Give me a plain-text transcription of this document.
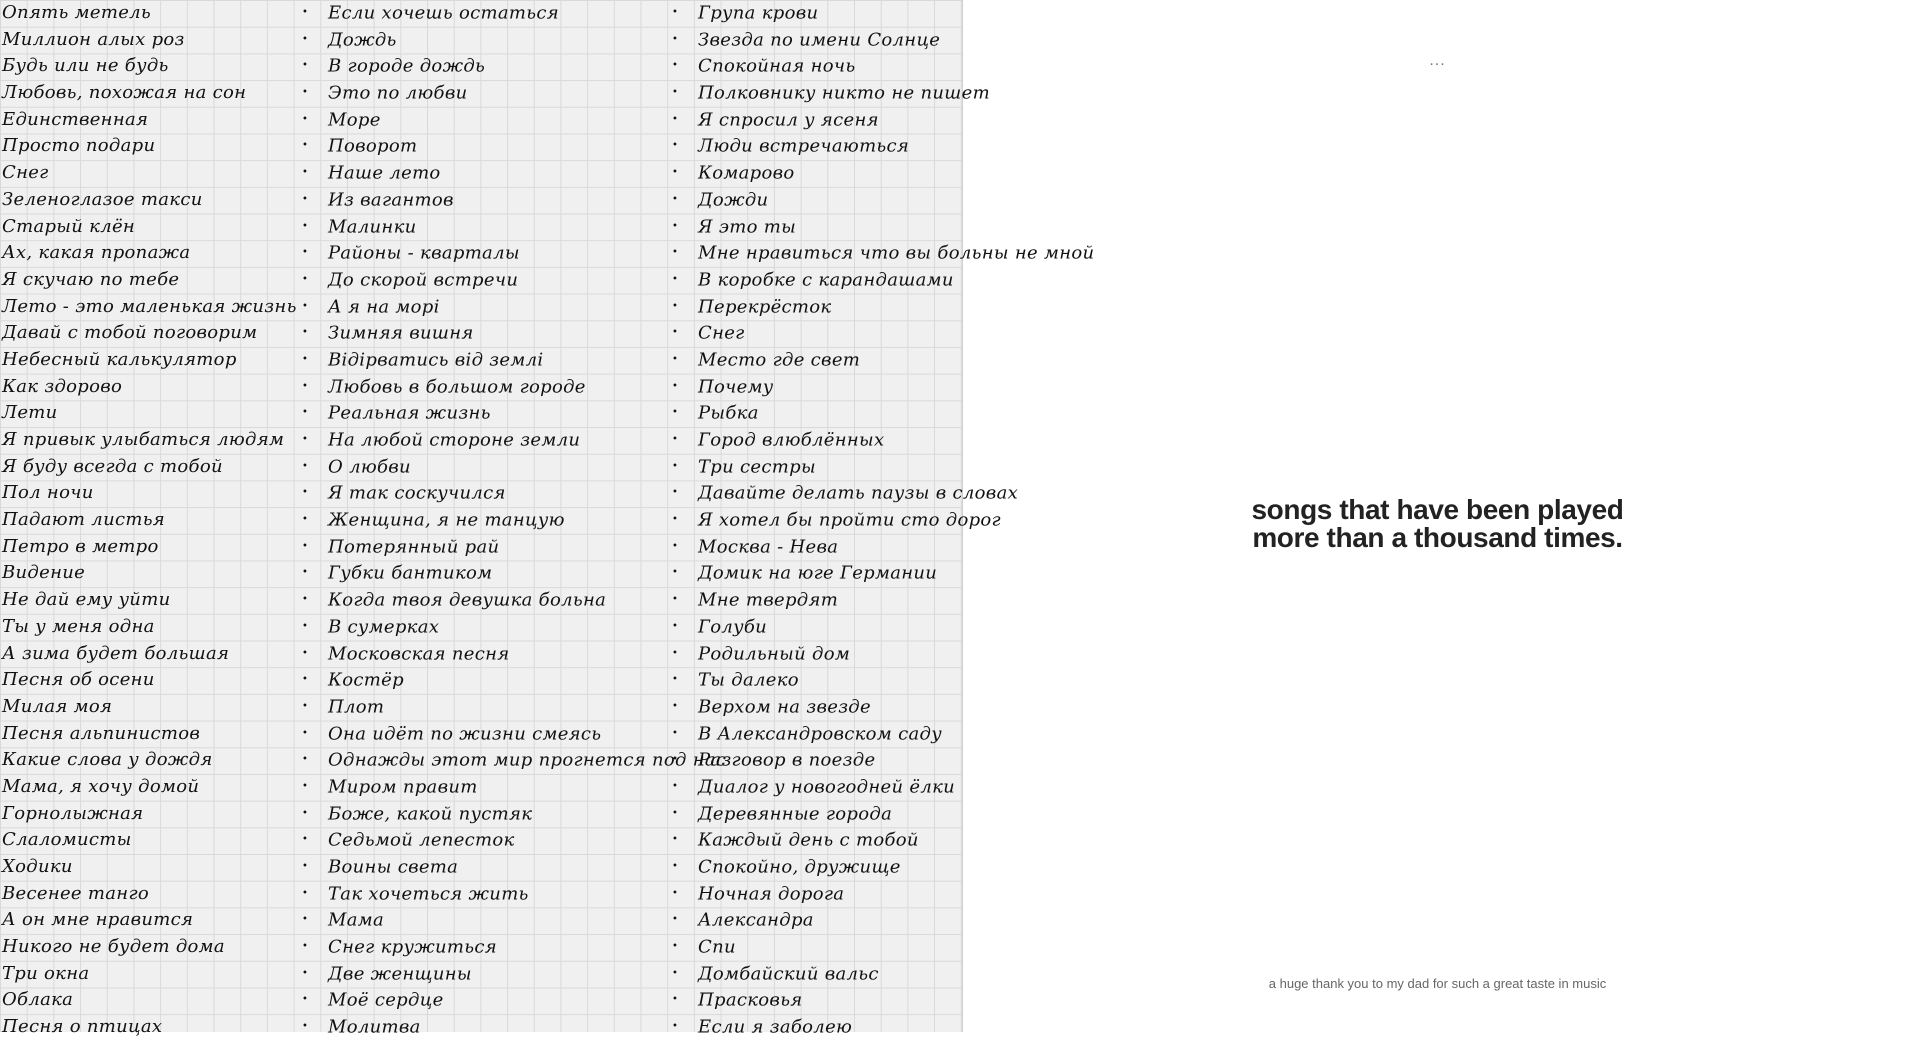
Опять метель
Миллион алых роз
Будь или не будь
Любовь, похожая на сон
Единственная
Просто подари
Снег
Зеленоглазое такси
Старый клён
Ах, какая пропажа
Я скучаю по тебе
Лето - это маленькая жизнь
Давай с тобой поговорим
Небесный калькулятор
Как здорово
Лети
Я привык улыбаться людям
Я буду всегда с тобой
Пол ночи
Падают листья
Петро в метро
Видение
Не дай ему уйти
Ты у меня одна
А зима будет большая
Песня об осени
Милая моя
Песня альпинистов
Какие слова у дождя
Мама, я хочу домой
Горнолыжная
Слаломисты
Ходики
Весенее танго
А он мне нравится
Никого не будет дома
Три окна
Облака
Песня о птицах
• Если хочешь остаться
• Дождь
• В городе дождь
• Это по любви
• Море
• Поворот
• Наше лето
• Из вагантов
• Малинки
• Районы - кварталы
• До скорой встречи
• А я на морі
• Зимняя вишня
• Відірватись від землі
• Любовь в большом городе
• Реальная жизнь
• На любой стороне земли
• О любви
• Я так соскучился
• Женщина, я не танцую
• Потерянный рай
• Губки бантиком
• Когда твоя девушка больна
• В сумерках
• Московская песня
• Костёр
• Плот
• Она идёт по жизни смеясь
• Однажды этот мир прогнется под нас
• Миром правит
• Боже, какой пустяк
• Седьмой лепесток
• Воины света
• Так хочеться жить
• Мама
• Снег кружиться
• Две женщины
• Моё сердце
• Молитва
• Група крови
• Звезда по имени Солнце
• Спокойная ночь
• Полковнику никто не пишет
• Я спросил у ясеня
• Люди встречаються
• Комарово
• Дожди
• Я это ты
• Мне нравиться что вы больны не мной
• В коробке с карандашами
• Перекрёсток
• Снег
• Место где свет
• Почему
• Рыбка
• Город влюблённых
• Три сестры
• Давайте делать паузы в словах
• Я хотел бы пройти сто дорог
• Москва - Нева
• Домик на юге Германии
• Мне твердят
• Голуби
• Родильный дом
• Ты далеко
• Верхом на звезде
• В Александровском саду
• Разговор в поезде
• Диалог у новогодней ёлки
• Деревянные города
• Каждый день с тобой
• Спокойно, дружище
• Ночная дорога
• Александра
• Спи
• Домбайский вальс
• Прасковья
• Если я заболею
...
songs that have been played
more than a thousand times.
a huge thank you to my dad for such a great taste in music
